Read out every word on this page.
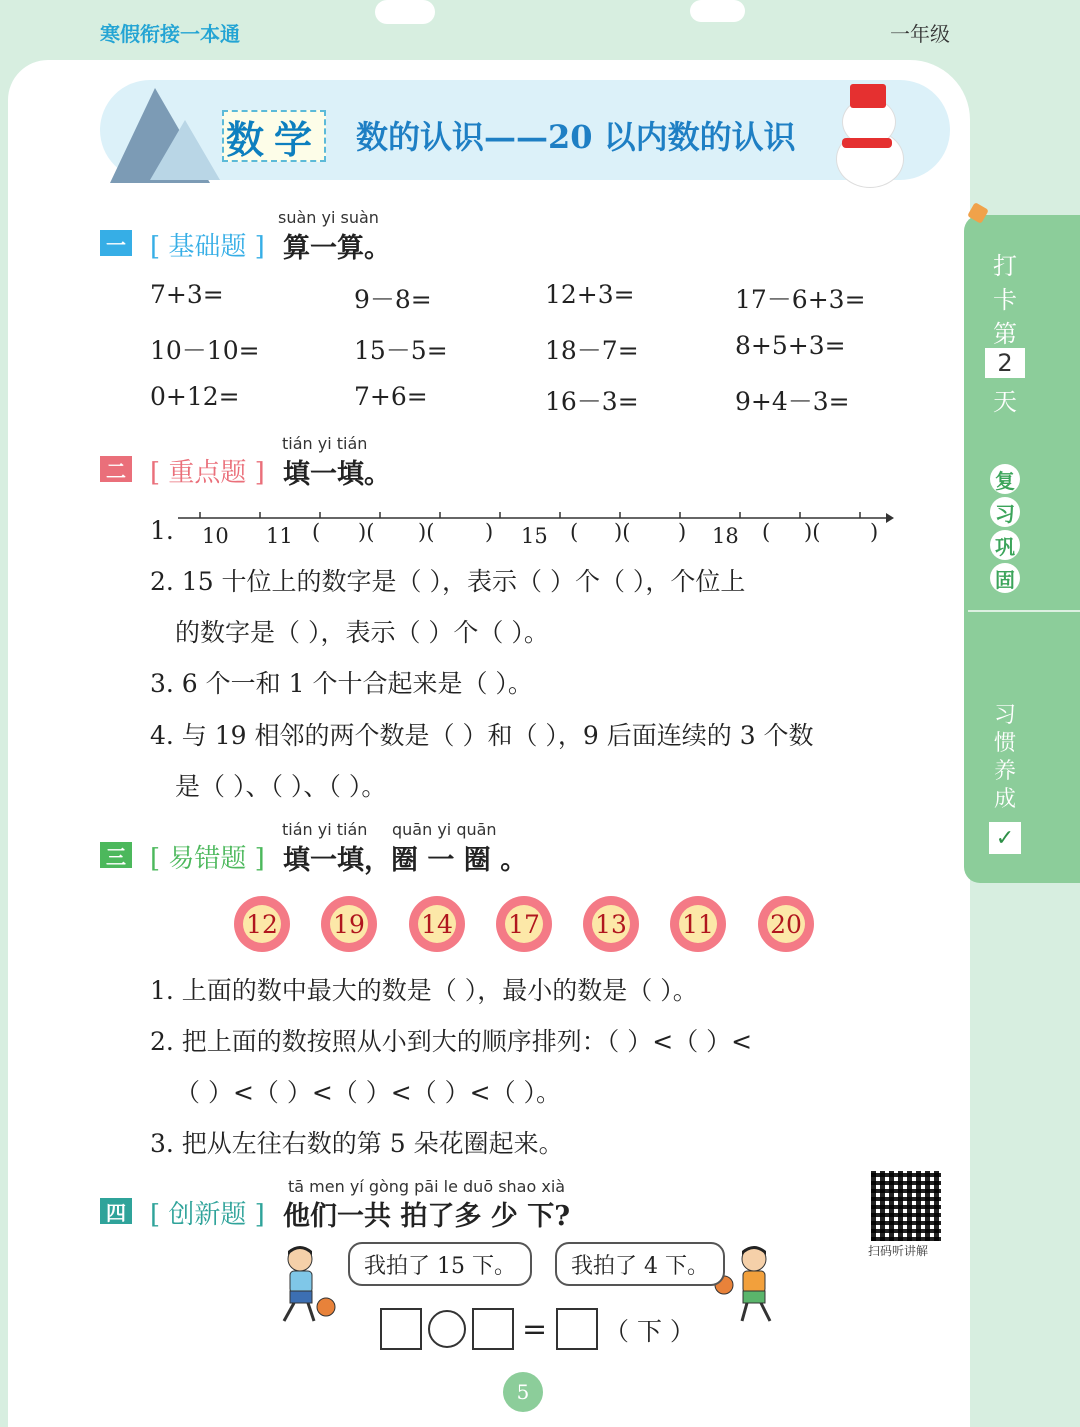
寒假衔接一本通	一年级
数学 数的认识——20 以内数的认识
suàn yi suàn
一 [ 基础题 ] 算一算。
7+3=	9－8=	12+3=	17－6+3=
10－10=	15－5=	18－7=	8+5+3=
0+12=	7+6=	16－3=	9+4－3=
tián yi tián
二 [ 重点题 ] 填一填。
1. 10 11 ( )( )( ) 15 ( )( ) 18 ( )( )
2. 15 十位上的数字是（ ），表示（ ）个（ ），个位上
的数字是（ ），表示（ ）个（ ）。
3. 6 个一和 1 个十合起来是（ ）。
4. 与 19 相邻的两个数是（ ）和（ ），9 后面连续的 3 个数
是（ ）、（ ）、（ ）。
tián yi tián quān yi quān
三 [ 易错题 ] 填一填，圈 一 圈 。
12 19 14 17 13 11 20
1. 上面的数中最大的数是（ ），最小的数是（ ）。
2. 把上面的数按照从小到大的顺序排列：（ ）<（ ）<
（ ）<（ ）<（ ）<（ ）<（ ）。
3. 把从左往右数的第 5 朵花圈起来。
tā men yí gòng pāi le duō shao xià
四 [ 创新题 ] 他们一共 拍了多 少 下?
扫码听讲解
我拍了 15 下。	我拍了 4 下。
= （ 下 ）
打
卡
第
2
天
复
习
巩
固
习
惯
养
成
✓
5
